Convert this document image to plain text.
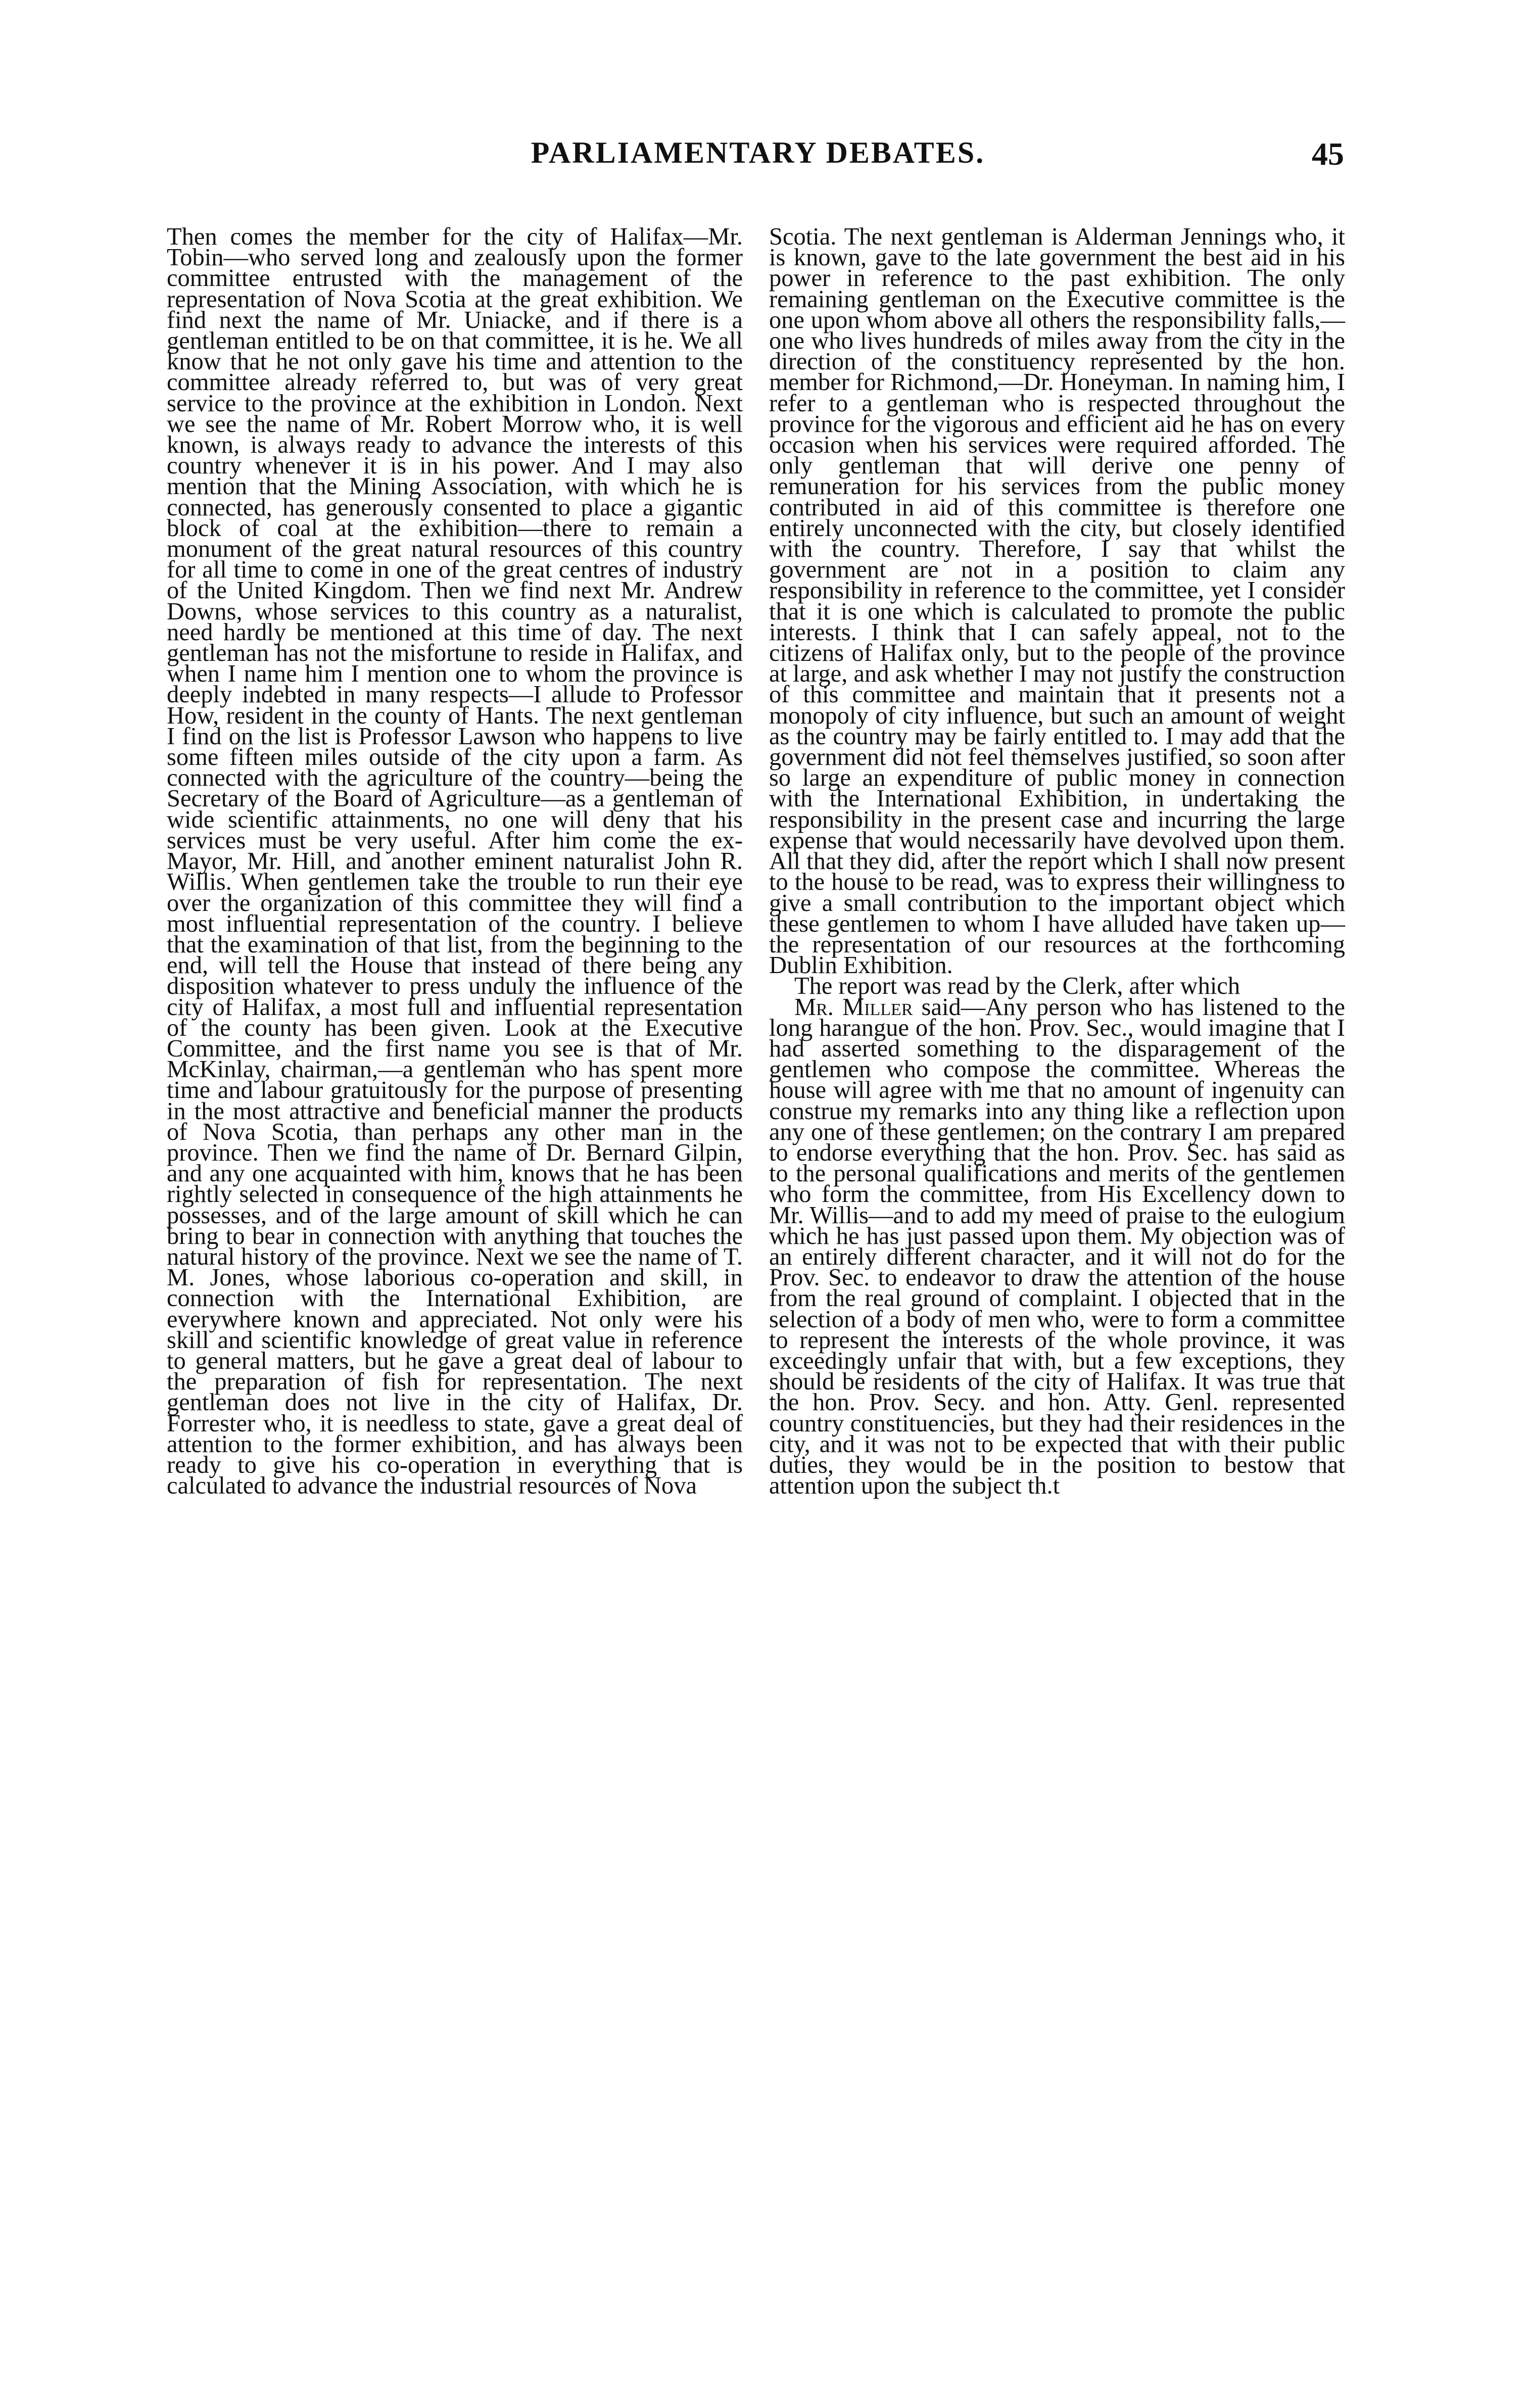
PARLIAMENTARY DEBATES.	45

Then comes the member for the city of Halifax—Mr. Tobin—who served long and zealously upon the former committee entrusted with the management of the representation of Nova Scotia at the great exhibition. We find next the name of Mr. Uniacke, and if there is a gentleman entitled to be on that committee, it is he. We all know that he not only gave his time and attention to the committee already referred to, but was of very great service to the province at the exhibition in London. Next we see the name of Mr. Robert Morrow who, it is well known, is always ready to advance the interests of this country whenever it is in his power. And I may also mention that the Mining Association, with which he is connected, has generously consented to place a gigantic block of coal at the exhibition—there to remain a monument of the great natural resources of this country for all time to come in one of the great centres of industry of the United Kingdom. Then we find next Mr. Andrew Downs, whose services to this country as a naturalist, need hardly be mentioned at this time of day. The next gentleman has not the misfortune to reside in Halifax, and when I name him I mention one to whom the province is deeply indebted in many respects—I allude to Professor How, resident in the county of Hants. The next gentleman I find on the list is Professor Lawson who happens to live some fifteen miles outside of the city upon a farm. As connected with the agriculture of the country—being the Secretary of the Board of Agriculture—as a gentleman of wide scientific attainments, no one will deny that his services must be very useful. After him come the ex-Mayor, Mr. Hill, and another eminent naturalist John R. Willis. When gentlemen take the trouble to run their eye over the organization of this committee they will find a most influential representation of the country. I believe that the examination of that list, from the beginning to the end, will tell the House that instead of there being any disposition whatever to press unduly the influence of the city of Halifax, a most full and influential representation of the county has been given. Look at the Executive Committee, and the first name you see is that of Mr. McKinlay, chairman,—a gentleman who has spent more time and labour gratuitously for the purpose of presenting in the most attractive and beneficial manner the products of Nova Scotia, than perhaps any other man in the province. Then we find the name of Dr. Bernard Gilpin, and any one acquainted with him, knows that he has been rightly selected in consequence of the high attainments he possesses, and of the large amount of skill which he can bring to bear in connection with anything that touches the natural history of the province. Next we see the name of T. M. Jones, whose laborious co-operation and skill, in connection with the International Exhibition, are everywhere known and appreciated. Not only were his skill and scientific knowledge of great value in reference to general matters, but he gave a great deal of labour to the preparation of fish for representation. The next gentleman does not live in the city of Halifax, Dr. Forrester who, it is needless to state, gave a great deal of attention to the former exhibition, and has always been ready to give his co-operation in everything that is calculated to advance the industrial resources of Nova

Scotia. The next gentleman is Alderman Jennings who, it is known, gave to the late government the best aid in his power in reference to the past exhibition. The only remaining gentleman on the Executive committee is the one upon whom above all others the responsibility falls,—one who lives hundreds of miles away from the city in the direction of the constituency represented by the hon. member for Richmond,—Dr. Honeyman. In naming him, I refer to a gentleman who is respected throughout the province for the vigorous and efficient aid he has on every occasion when his services were required afforded. The only gentleman that will derive one penny of remuneration for his services from the public money contributed in aid of this committee is therefore one entirely unconnected with the city, but closely identified with the country. Therefore, I say that whilst the government are not in a position to claim any responsibility in reference to the committee, yet I consider that it is one which is calculated to promote the public interests. I think that I can safely appeal, not to the citizens of Halifax only, but to the people of the province at large, and ask whether I may not justify the construction of this committee and maintain that it presents not a monopoly of city influence, but such an amount of weight as the country may be fairly entitled to. I may add that the government did not feel themselves justified, so soon after so large an expenditure of public money in connection with the International Exhibition, in undertaking the responsibility in the present case and incurring the large expense that would necessarily have devolved upon them. All that they did, after the report which I shall now present to the house to be read, was to express their willingness to give a small contribution to the important object which these gentlemen to whom I have alluded have taken up—the representation of our resources at the forthcoming Dublin Exhibition.

The report was read by the Clerk, after which

Mr. Miller said—Any person who has listened to the long harangue of the hon. Prov. Sec., would imagine that I had asserted something to the disparagement of the gentlemen who compose the committee. Whereas the house will agree with me that no amount of ingenuity can construe my remarks into any thing like a reflection upon any one of these gentlemen; on the contrary I am prepared to endorse everything that the hon. Prov. Sec. has said as to the personal qualifications and merits of the gentlemen who form the committee, from His Excellency down to Mr. Willis—and to add my meed of praise to the eulogium which he has just passed upon them. My objection was of an entirely different character, and it will not do for the Prov. Sec. to endeavor to draw the attention of the house from the real ground of complaint. I objected that in the selection of a body of men who, were to form a committee to represent the interests of the whole province, it was exceedingly unfair that with, but a few exceptions, they should be residents of the city of Halifax. It was true that the hon. Prov. Secy. and hon. Atty. Genl. represented country constituencies, but they had their residences in the city, and it was not to be expected that with their public duties, they would be in the position to bestow that attention upon the subject th.t
